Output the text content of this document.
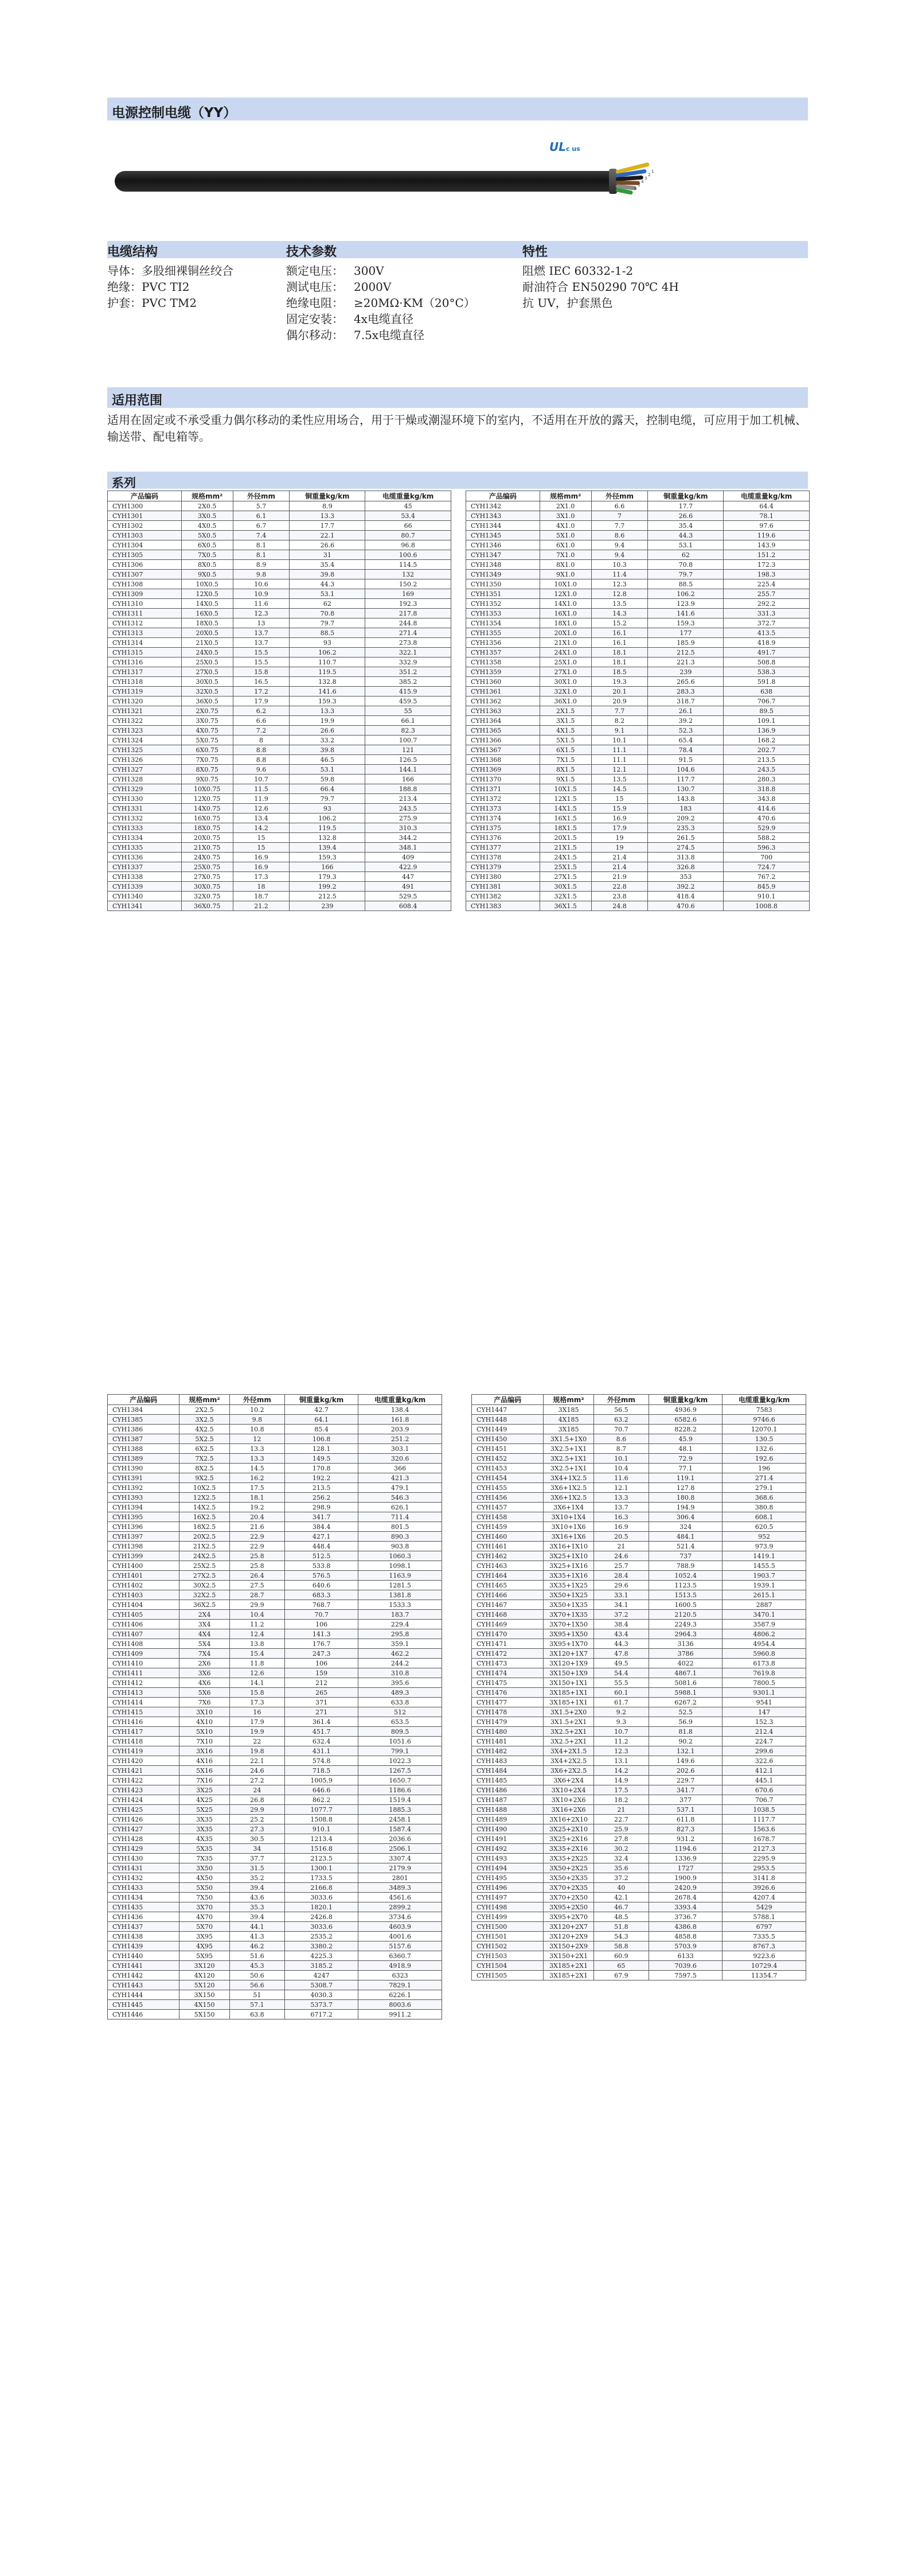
电源控制电缆（YY）
ULc us
1
2
3
4
5
6
电缆结构	技术参数	特性
导体：多股细裸铜丝绞合
绝缘：PVC TI2
护套：PVC TM2
额定电压： 300V
测试电压： 2000V
绝缘电阻： ≥20MΩ·KM（20°C）
固定安装： 4x电缆直径
偶尔移动： 7.5x电缆直径
阻燃 IEC 60332-1-2
耐油符合 EN50290 70℃ 4H
抗 UV，护套黑色
适用范围
适用在固定或不承受重力偶尔移动的柔性应用场合，用于干燥或潮湿环境下的室内，不适用在开放的露天，控制电缆，可应用于加工机械、输送带、配电箱等。
系列
产品编码	规格mm²	外径mm	铜重量kg/km	电缆重量kg/km
CYH1300	2X0.5	5.7	8.9	45
CYH1301	3X0.5	6.1	13.3	53.4
CYH1302	4X0.5	6.7	17.7	66
CYH1303	5X0.5	7.4	22.1	80.7
CYH1304	6X0.5	8.1	26.6	96.8
CYH1305	7X0.5	8.1	31	100.6
CYH1306	8X0.5	8.9	35.4	114.5
CYH1307	9X0.5	9.8	39.8	132
CYH1308	10X0.5	10.6	44.3	150.2
CYH1309	12X0.5	10.9	53.1	169
CYH1310	14X0.5	11.6	62	192.3
CYH1311	16X0.5	12.3	70.8	217.8
CYH1312	18X0.5	13	79.7	244.8
CYH1313	20X0.5	13.7	88.5	271.4
CYH1314	21X0.5	13.7	93	273.8
CYH1315	24X0.5	15.5	106.2	322.1
CYH1316	25X0.5	15.5	110.7	332.9
CYH1317	27X0.5	15.8	119.5	351.2
CYH1318	30X0.5	16.5	132.8	385.2
CYH1319	32X0.5	17.2	141.6	415.9
CYH1320	36X0.5	17.9	159.3	459.5
CYH1321	2X0.75	6.2	13.3	55
CYH1322	3X0.75	6.6	19.9	66.1
CYH1323	4X0.75	7.2	26.6	82.3
CYH1324	5X0.75	8	33.2	100.7
CYH1325	6X0.75	8.8	39.8	121
CYH1326	7X0.75	8.8	46.5	126.5
CYH1327	8X0.75	9.6	53.1	144.1
CYH1328	9X0.75	10.7	59.8	166
CYH1329	10X0.75	11.5	66.4	188.8
CYH1330	12X0.75	11.9	79.7	213.4
CYH1331	14X0.75	12.6	93	243.5
CYH1332	16X0.75	13.4	106.2	275.9
CYH1333	18X0.75	14.2	119.5	310.3
CYH1334	20X0.75	15	132.8	344.2
CYH1335	21X0.75	15	139.4	348.1
CYH1336	24X0.75	16.9	159.3	409
CYH1337	25X0.75	16.9	166	422.9
CYH1338	27X0.75	17.3	179.3	447
CYH1339	30X0.75	18	199.2	491
CYH1340	32X0.75	18.7	212.5	529.5
CYH1341	36X0.75	21.2	239	608.4
产品编码	规格mm²	外径mm	铜重量kg/km	电缆重量kg/km
CYH1342	2X1.0	6.6	17.7	64.4
CYH1343	3X1.0	7	26.6	78.1
CYH1344	4X1.0	7.7	35.4	97.6
CYH1345	5X1.0	8.6	44.3	119.6
CYH1346	6X1.0	9.4	53.1	143.9
CYH1347	7X1.0	9.4	62	151.2
CYH1348	8X1.0	10.3	70.8	172.3
CYH1349	9X1.0	11.4	79.7	198.3
CYH1350	10X1.0	12.3	88.5	225.4
CYH1351	12X1.0	12.8	106.2	255.7
CYH1352	14X1.0	13.5	123.9	292.2
CYH1353	16X1.0	14.3	141.6	331.3
CYH1354	18X1.0	15.2	159.3	372.7
CYH1355	20X1.0	16.1	177	413.5
CYH1356	21X1.0	16.1	185.9	418.9
CYH1357	24X1.0	18.1	212.5	491.7
CYH1358	25X1.0	18.1	221.3	508.8
CYH1359	27X1.0	18.5	239	538.3
CYH1360	30X1.0	19.3	265.6	591.8
CYH1361	32X1.0	20.1	283.3	638
CYH1362	36X1.0	20.9	318.7	706.7
CYH1363	2X1.5	7.7	26.1	89.5
CYH1364	3X1.5	8.2	39.2	109.1
CYH1365	4X1.5	9.1	52.3	136.9
CYH1366	5X1.5	10.1	65.4	168.2
CYH1367	6X1.5	11.1	78.4	202.7
CYH1368	7X1.5	11.1	91.5	213.5
CYH1369	8X1.5	12.1	104.6	243.5
CYH1370	9X1.5	13.5	117.7	280.3
CYH1371	10X1.5	14.5	130.7	318.8
CYH1372	12X1.5	15	143.8	343.8
CYH1373	14X1.5	15.9	183	414.6
CYH1374	16X1.5	16.9	209.2	470.6
CYH1375	18X1.5	17.9	235.3	529.9
CYH1376	20X1.5	19	261.5	588.2
CYH1377	21X1.5	19	274.5	596.3
CYH1378	24X1.5	21.4	313.8	700
CYH1379	25X1.5	21.4	326.8	724.7
CYH1380	27X1.5	21.9	353	767.2
CYH1381	30X1.5	22.8	392.2	845.9
CYH1382	32X1.5	23.8	418.4	910.1
CYH1383	36X1.5	24.8	470.6	1008.8
产品编码	规格mm²	外径mm	铜重量kg/km	电缆重量kg/km
CYH1384	2X2.5	10.2	42.7	138.4
CYH1385	3X2.5	9.8	64.1	161.8
CYH1386	4X2.5	10.8	85.4	203.9
CYH1387	5X2.5	12	106.8	251.2
CYH1388	6X2.5	13.3	128.1	303.1
CYH1389	7X2.5	13.3	149.5	320.6
CYH1390	8X2.5	14.5	170.8	366
CYH1391	9X2.5	16.2	192.2	421.3
CYH1392	10X2.5	17.5	213.5	479.1
CYH1393	12X2.5	18.1	256.2	546.3
CYH1394	14X2.5	19.2	298.9	626.1
CYH1395	16X2.5	20.4	341.7	711.4
CYH1396	18X2.5	21.6	384.4	801.5
CYH1397	20X2.5	22.9	427.1	890.3
CYH1398	21X2.5	22.9	448.4	903.8
CYH1399	24X2.5	25.8	512.5	1060.3
CYH1400	25X2.5	25.8	533.8	1098.1
CYH1401	27X2.5	26.4	576.5	1163.9
CYH1402	30X2.5	27.5	640.6	1281.5
CYH1403	32X2.5	28.7	683.3	1381.8
CYH1404	36X2.5	29.9	768.7	1533.3
CYH1405	2X4	10.4	70.7	183.7
CYH1406	3X4	11.2	106	229.4
CYH1407	4X4	12.4	141.3	295.8
CYH1408	5X4	13.8	176.7	359.1
CYH1409	7X4	15.4	247.3	462.2
CYH1410	2X6	11.8	106	244.2
CYH1411	3X6	12.6	159	310.8
CYH1412	4X6	14.1	212	395.6
CYH1413	5X6	15.8	265	489.3
CYH1414	7X6	17.3	371	633.8
CYH1415	3X10	16	271	512
CYH1416	4X10	17.9	361.4	653.5
CYH1417	5X10	19.9	451.7	809.5
CYH1418	7X10	22	632.4	1051.6
CYH1419	3X16	19.8	431.1	799.1
CYH1420	4X16	22.1	574.8	1022.3
CYH1421	5X16	24.6	718.5	1267.5
CYH1422	7X16	27.2	1005.9	1650.7
CYH1423	3X25	24	646.6	1186.6
CYH1424	4X25	26.8	862.2	1519.4
CYH1425	5X25	29.9	1077.7	1885.3
CYH1426	3X35	25.2	1508.8	2458.1
CYH1427	3X35	27.3	910.1	1587.4
CYH1428	4X35	30.5	1213.4	2036.6
CYH1429	5X35	34	1516.8	2506.1
CYH1430	7X35	37.7	2123.5	3307.4
CYH1431	3X50	31.5	1300.1	2179.9
CYH1432	4X50	35.2	1733.5	2801
CYH1433	5X50	39.4	2166.8	3489.3
CYH1434	7X50	43.6	3033.6	4561.6
CYH1435	3X70	35.3	1820.1	2899.2
CYH1436	4X70	39.4	2426.8	3734.6
CYH1437	5X70	44.1	3033.6	4603.9
CYH1438	3X95	41.3	2535.2	4001.6
CYH1439	4X95	46.2	3380.2	5157.6
CYH1440	5X95	51.6	4225.3	6360.7
CYH1441	3X120	45.3	3185.2	4918.9
CYH1442	4X120	50.6	4247	6323
CYH1443	5X120	56.6	5308.7	7829.1
CYH1444	3X150	51	4030.3	6226.1
CYH1445	4X150	57.1	5373.7	8003.6
CYH1446	5X150	63.8	6717.2	9911.2
产品编码	规格mm²	外径mm	铜重量kg/km	电缆重量kg/km
CYH1447	3X185	56.5	4936.9	7583
CYH1448	4X185	63.2	6582.6	9746.6
CYH1449	3X185	70.7	8228.2	12070.1
CYH1450	3X1.5+1X0	8.6	45.9	130.5
CYH1451	3X2.5+1X1	8.7	48.1	132.6
CYH1452	3X2.5+1X1	10.1	72.9	192.6
CYH1453	3X2.5+1X1	10.4	77.1	196
CYH1454	3X4+1X2.5	11.6	119.1	271.4
CYH1455	3X6+1X2.5	12.1	127.8	279.1
CYH1456	3X6+1X2.5	13.3	180.8	368.6
CYH1457	3X6+1X4	13.7	194.9	380.8
CYH1458	3X10+1X4	16.3	306.4	608.1
CYH1459	3X10+1X6	16.9	324	620.5
CYH1460	3X16+1X6	20.5	484.1	952
CYH1461	3X16+1X10	21	521.4	973.9
CYH1462	3X25+1X10	24.6	737	1419.1
CYH1463	3X25+1X16	25.7	788.9	1455.5
CYH1464	3X35+1X16	28.4	1052.4	1903.7
CYH1465	3X35+1X25	29.6	1123.5	1939.1
CYH1466	3X50+1X25	33.1	1513.5	2615.1
CYH1467	3X50+1X35	34.1	1600.5	2887
CYH1468	3X70+1X35	37.2	2120.5	3470.1
CYH1469	3X70+1X50	38.4	2249.3	3587.9
CYH1470	3X95+1X50	43.4	2964.3	4806.2
CYH1471	3X95+1X70	44.3	3136	4954.4
CYH1472	3X120+1X7	47.8	3786	5960.8
CYH1473	3X120+1X9	49.5	4022	6173.8
CYH1474	3X150+1X9	54.4	4867.1	7619.8
CYH1475	3X150+1X1	55.5	5081.6	7800.5
CYH1476	3X185+1X1	60.1	5988.1	9301.1
CYH1477	3X185+1X1	61.7	6267.2	9541
CYH1478	3X1.5+2X0	9.2	52.5	147
CYH1479	3X1.5+2X1	9.3	56.9	152.3
CYH1480	3X2.5+2X1	10.7	81.8	212.4
CYH1481	3X2.5+2X1	11.2	90.2	224.7
CYH1482	3X4+2X1.5	12.3	132.1	299.6
CYH1483	3X4+2X2.5	13.1	149.6	322.6
CYH1484	3X6+2X2.5	14.2	202.6	412.1
CYH1485	3X6+2X4	14.9	229.7	445.1
CYH1486	3X10+2X4	17.5	341.7	670.6
CYH1487	3X10+2X6	18.2	377	706.7
CYH1488	3X16+2X6	21	537.1	1038.5
CYH1489	3X16+2X10	22.7	611.8	1117.7
CYH1490	3X25+2X10	25.9	827.3	1563.6
CYH1491	3X25+2X16	27.8	931.2	1678.7
CYH1492	3X35+2X16	30.2	1194.6	2127.3
CYH1493	3X35+2X25	32.4	1336.9	2295.9
CYH1494	3X50+2X25	35.6	1727	2953.5
CYH1495	3X50+2X35	37.2	1900.9	3141.8
CYH1496	3X70+2X35	40	2420.9	3926.6
CYH1497	3X70+2X50	42.1	2678.4	4207.4
CYH1498	3X95+2X50	46.7	3393.4	5429
CYH1499	3X95+2X70	48.5	3736.7	5788.1
CYH1500	3X120+2X7	51.8	4386.8	6797
CYH1501	3X120+2X9	54.3	4858.8	7335.5
CYH1502	3X150+2X9	58.8	5703.9	8767.3
CYH1503	3X150+2X1	60.9	6133	9223.6
CYH1504	3X185+2X1	65	7039.6	10729.4
CYH1505	3X185+2X1	67.9	7597.5	11354.7
